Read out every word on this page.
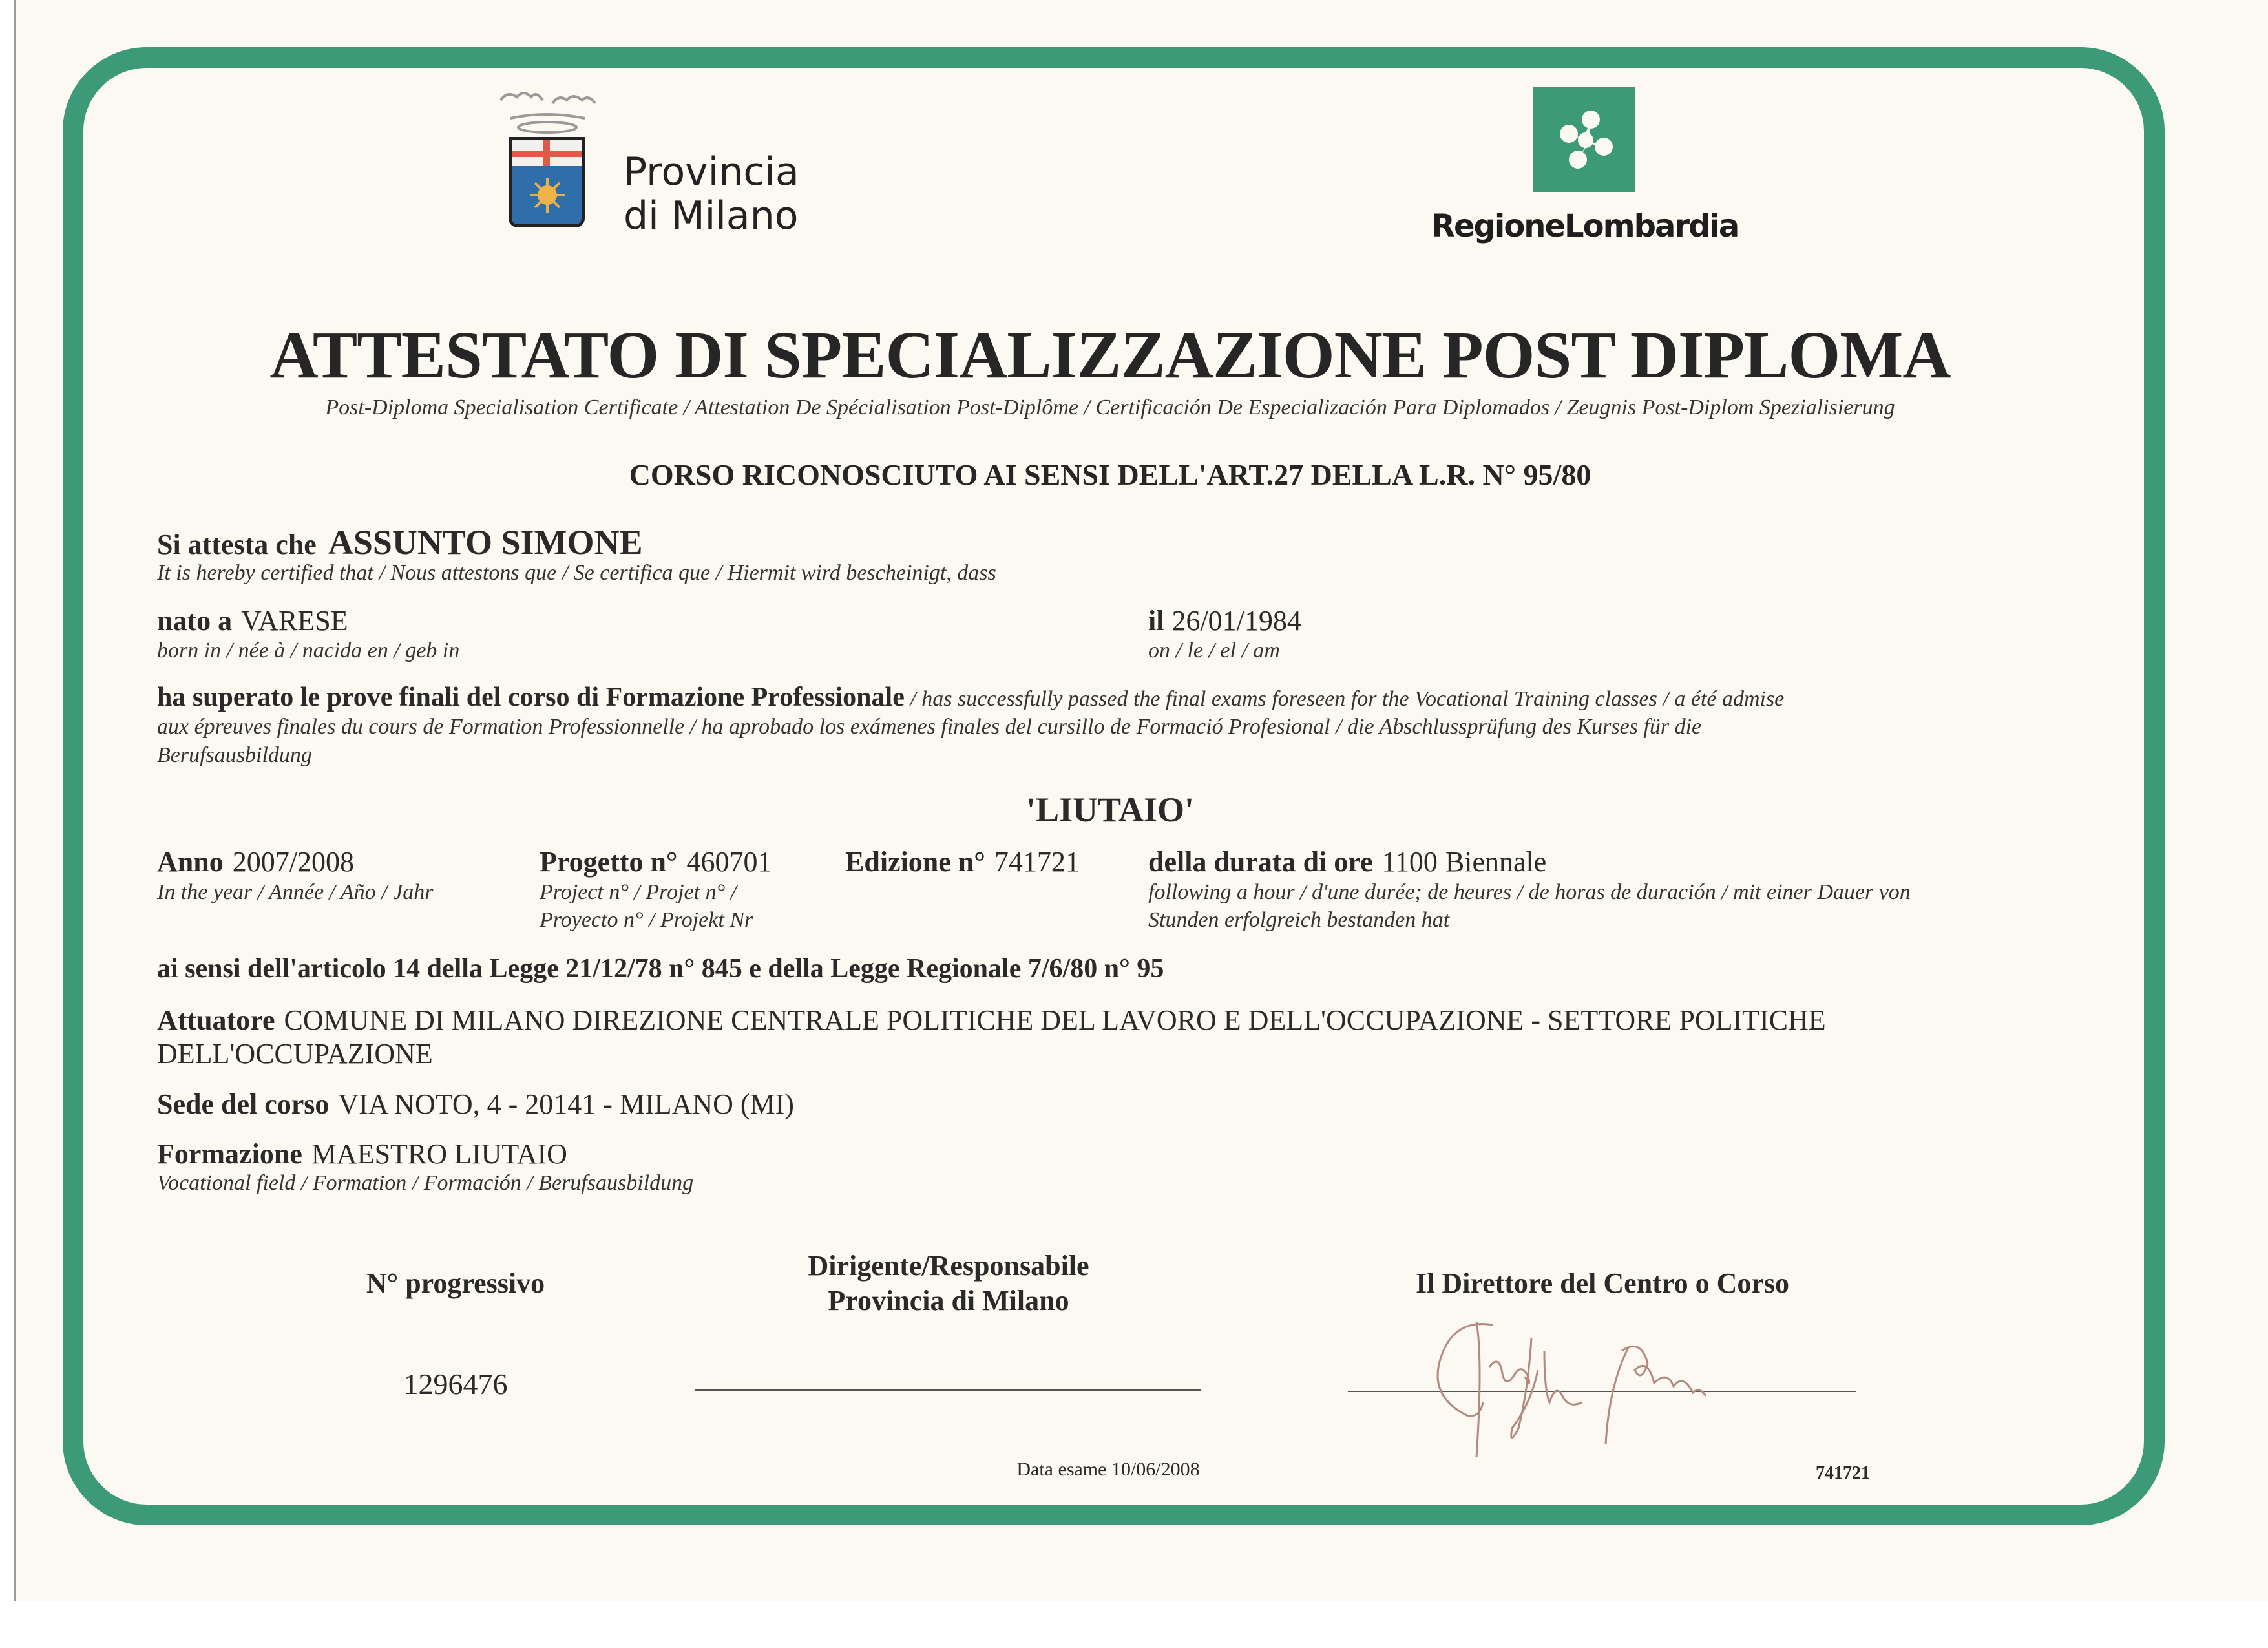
Provincia
di Milano	RegioneLombardia
ATTESTATO DI SPECIALIZZAZIONE POST DIPLOMA
Post-Diploma Specialisation Certificate / Attestation De Spécialisation Post-Diplôme / Certificación De Especialización Para Diplomados / Zeugnis Post-Diplom Spezialisierung
CORSO RICONOSCIUTO AI SENSI DELL'ART.27 DELLA L.R. N° 95/80
Si attesta che ASSUNTO SIMONE
It is hereby certified that / Nous attestons que / Se certifica que / Hiermit wird bescheinigt, dass
nato a VARESE
born in / née à / nacida en / geb in
il 26/01/1984
on / le / el / am
ha superato le prove finali del corso di Formazione Professionale / has successfully passed the final exams foreseen for the Vocational Training classes / a été admise
aux épreuves finales du cours de Formation Professionnelle / ha aprobado los exámenes finales del cursillo de Formació Profesional / die Abschlussprüfung des Kurses für die
Berufsausbildung
'LIUTAIO'
Anno 2007/2008
In the year / Année / Año / Jahr
Progetto n° 460701
Project n° / Projet n° /
Proyecto n° / Projekt Nr
Edizione n° 741721 della durata di ore 1100 Biennale
following a hour / d'une durée; de heures / de horas de duración / mit einer Dauer von
Stunden erfolgreich bestanden hat
ai sensi dell'articolo 14 della Legge 21/12/78 n° 845 e della Legge Regionale 7/6/80 n° 95
Attuatore COMUNE DI MILANO DIREZIONE CENTRALE POLITICHE DEL LAVORO E DELL'OCCUPAZIONE - SETTORE POLITICHE
DELL'OCCUPAZIONE
Sede del corso VIA NOTO, 4 - 20141 - MILANO (MI)
Formazione MAESTRO LIUTAIO
Vocational field / Formation / Formación / Berufsausbildung
N° progressivo
1296476
Dirigente/Responsabile
Provincia di Milano
Il Direttore del Centro o Corso
Data esame 10/06/2008	741721
